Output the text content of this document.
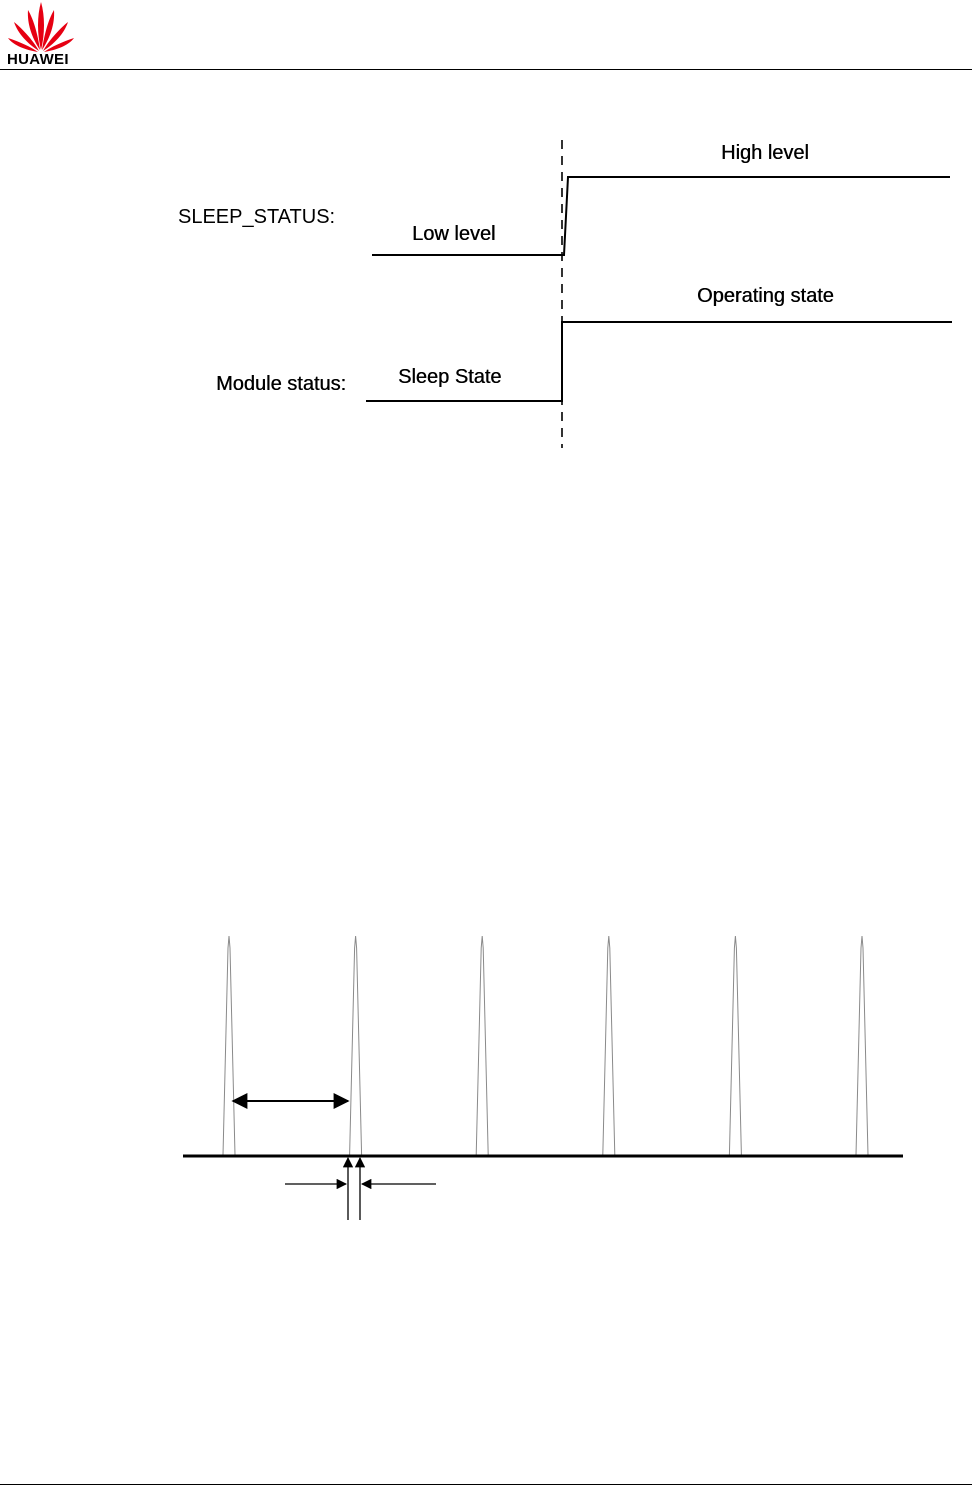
HUAWEI
SLEEP_STATUS:
Low level
High level
Module status:	Sleep State
Operating state
